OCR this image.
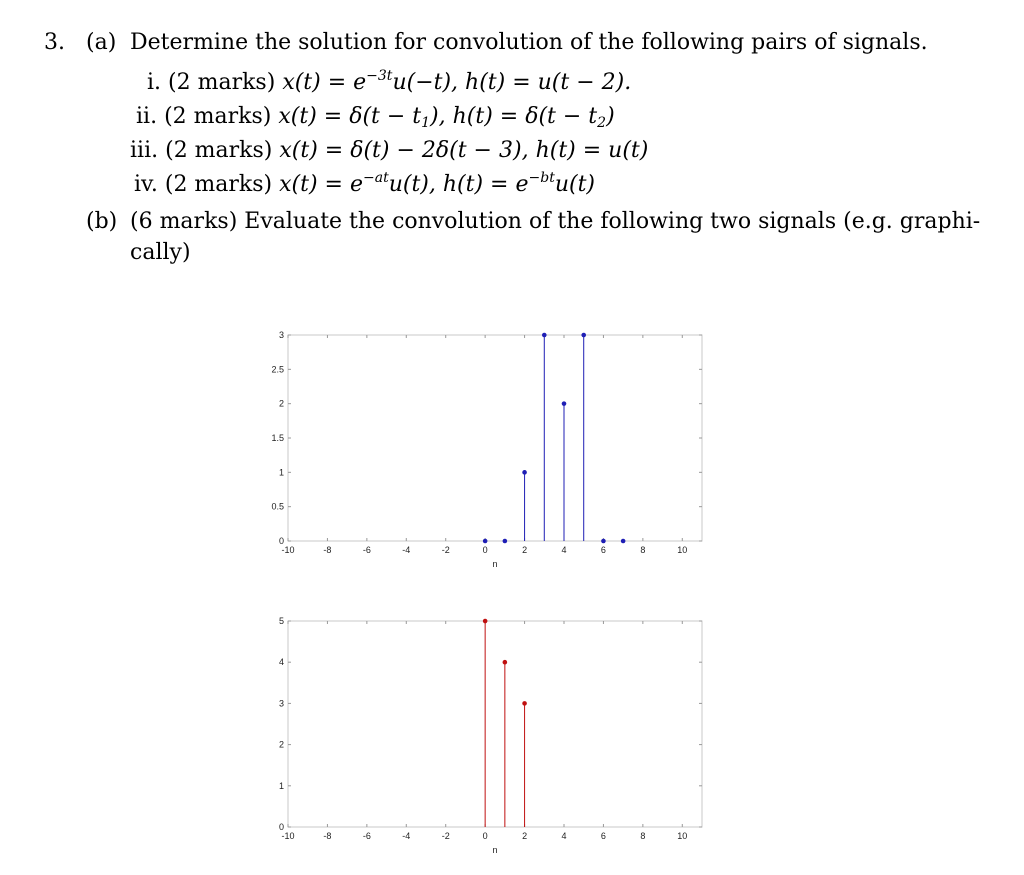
3. (a) Determine the solution for convolution of the following pairs of signals.
i. (2 marks) $x(t) = e^{-3t}u(-t)$, h(t) = u(t − 2).
ii. (2 marks) $x(t) = \delta(t - t_1)$, $h(t) = \delta(t - t_2)$
iii. (2 marks) x(t) = δ(t) − 2δ(t − 3), h(t) = u(t)
iv. (2 marks) $x(t) = e^{-at}u(t)$, $h(t) = e^{-bt}u(t)$
(b) (6 marks) Evaluate the convolution of the following two signals (e.g. graphi-
cally)
-10	-8	-6	-4	-2	0	2	4	6	8	10
0
0.5
1
1.5
2
2.5
3
n
-10	-8	-6	-4	-2	0	2	4	6	8	10
0
1
2
3
4
5
n
